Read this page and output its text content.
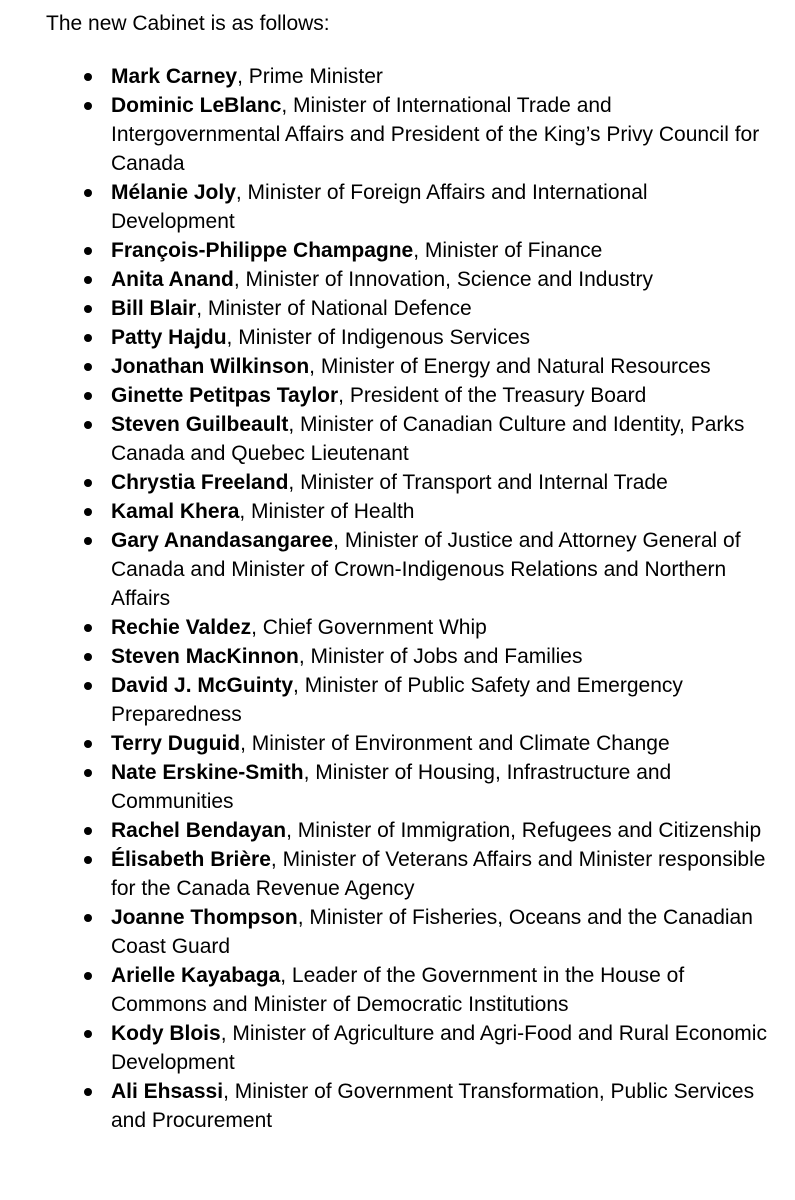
The new Cabinet is as follows:

Mark Carney, Prime Minister
Dominic LeBlanc, Minister of International Trade and Intergovernmental Affairs and President of the King’s Privy Council for Canada
Mélanie Joly, Minister of Foreign Affairs and International Development
François-Philippe Champagne, Minister of Finance
Anita Anand, Minister of Innovation, Science and Industry
Bill Blair, Minister of National Defence
Patty Hajdu, Minister of Indigenous Services
Jonathan Wilkinson, Minister of Energy and Natural Resources
Ginette Petitpas Taylor, President of the Treasury Board
Steven Guilbeault, Minister of Canadian Culture and Identity, Parks Canada and Quebec Lieutenant
Chrystia Freeland, Minister of Transport and Internal Trade
Kamal Khera, Minister of Health
Gary Anandasangaree, Minister of Justice and Attorney General of Canada and Minister of Crown-Indigenous Relations and Northern Affairs
Rechie Valdez, Chief Government Whip
Steven MacKinnon, Minister of Jobs and Families
David J. McGuinty, Minister of Public Safety and Emergency Preparedness
Terry Duguid, Minister of Environment and Climate Change
Nate Erskine-Smith, Minister of Housing, Infrastructure and Communities
Rachel Bendayan, Minister of Immigration, Refugees and Citizenship
Élisabeth Brière, Minister of Veterans Affairs and Minister responsible for the Canada Revenue Agency
Joanne Thompson, Minister of Fisheries, Oceans and the Canadian Coast Guard
Arielle Kayabaga, Leader of the Government in the House of Commons and Minister of Democratic Institutions
Kody Blois, Minister of Agriculture and Agri-Food and Rural Economic Development
Ali Ehsassi, Minister of Government Transformation, Public Services and Procurement
